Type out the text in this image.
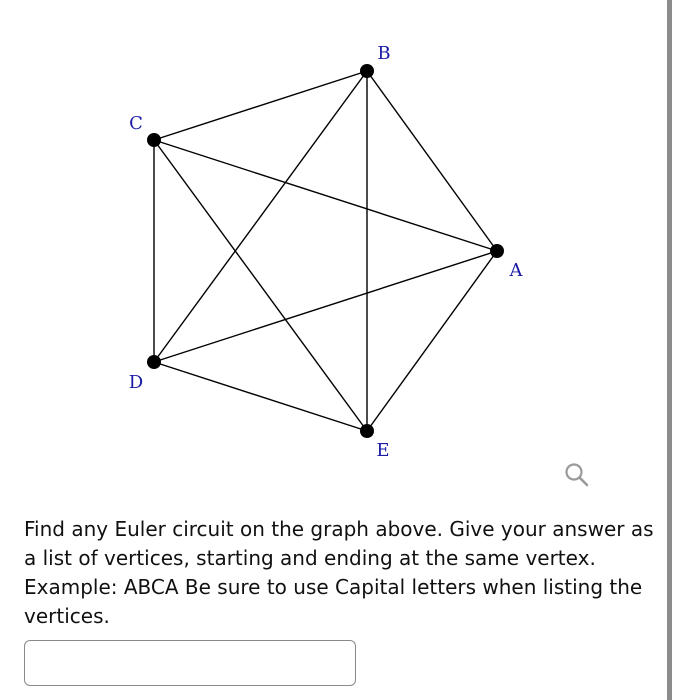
A
B
C
D
E

Find any Euler circuit on the graph above. Give your answer as a list of vertices, starting and ending at the same vertex. Example: ABCA Be sure to use Capital letters when listing the vertices.
